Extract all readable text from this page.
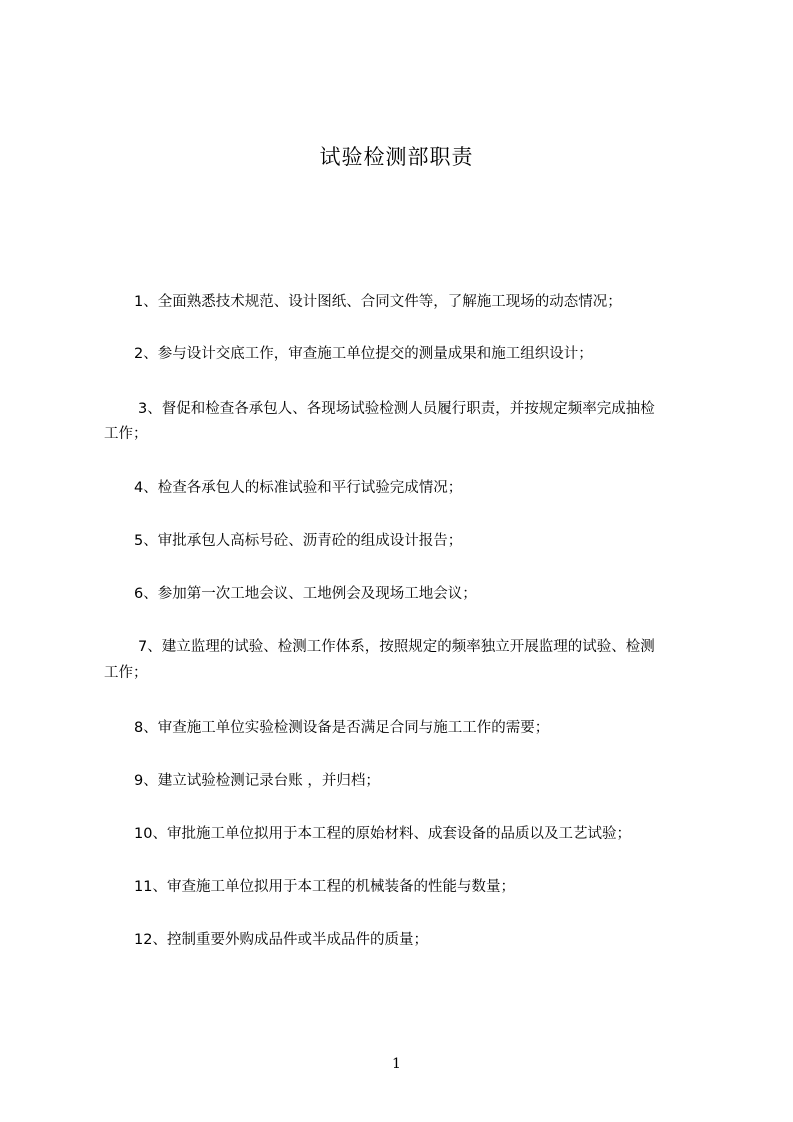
试验检测部职责
1、全面熟悉技术规范、设计图纸、合同文件等，了解施工现场的动态情况；
2、参与设计交底工作，审查施工单位提交的测量成果和施工组织设计；
3、督促和检查各承包人、各现场试验检测人员履行职责，并按规定频率完成抽检
工作；
4、检查各承包人的标准试验和平行试验完成情况；
5、审批承包人高标号砼、沥青砼的组成设计报告；
6、参加第一次工地会议、工地例会及现场工地会议；
7、建立监理的试验、检测工作体系，按照规定的频率独立开展监理的试验、检测
工作；
8、审查施工单位实验检测设备是否满足合同与施工工作的需要；
9、建立试验检测记录台账 ，并归档；
10、审批施工单位拟用于本工程的原始材料、成套设备的品质以及工艺试验；
11、审查施工单位拟用于本工程的机械装备的性能与数量；
12、控制重要外购成品件或半成品件的质量；
1
